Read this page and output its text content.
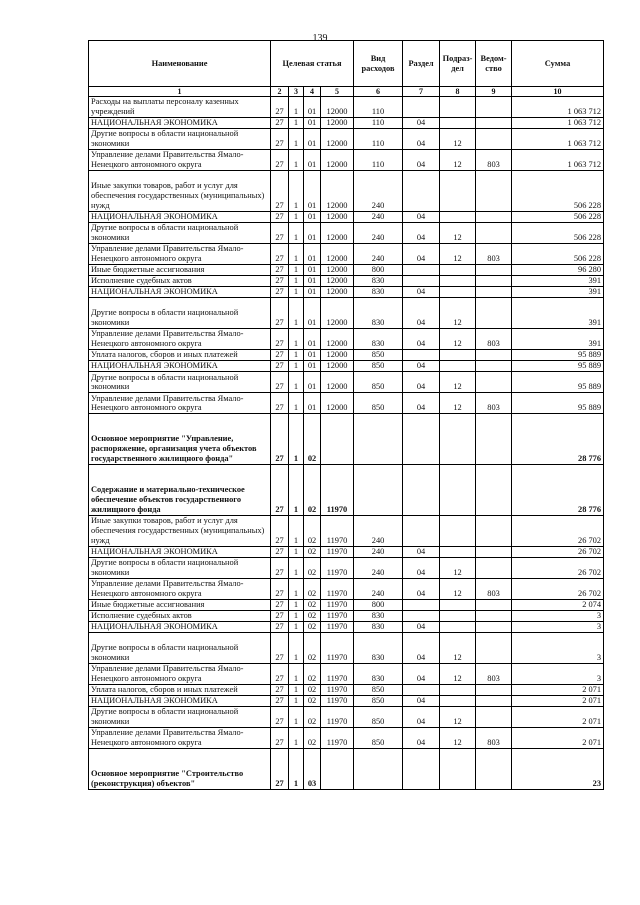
139
Наименование	Целевая статья				Вид расходов	Раздел	Подраз-дел	Ведом-ство	Сумма
1	2	3	4	5	6	7	8	9	10
Расходы на выплаты персоналу казенных учреждений	27	1	01	12000	110				1 063 712
НАЦИОНАЛЬНАЯ ЭКОНОМИКА	27	1	01	12000	110	04			1 063 712
Другие вопросы в области национальной экономики	27	1	01	12000	110	04	12		1 063 712
Управление делами Правительства Ямало-Ненецкого автономного округа	27	1	01	12000	110	04	12	803	1 063 712
Иные закупки товаров, работ и услуг для обеспечения государственных (муниципальных) нужд	27	1	01	12000	240				506 228
НАЦИОНАЛЬНАЯ ЭКОНОМИКА	27	1	01	12000	240	04			506 228
Другие вопросы в области национальной экономики	27	1	01	12000	240	04	12		506 228
Управление делами Правительства Ямало-Ненецкого автономного округа	27	1	01	12000	240	04	12	803	506 228
Иные бюджетные ассигнования	27	1	01	12000	800				96 280
Исполнение судебных актов	27	1	01	12000	830				391
НАЦИОНАЛЬНАЯ ЭКОНОМИКА	27	1	01	12000	830	04			391
Другие вопросы в области национальной экономики	27	1	01	12000	830	04	12		391
Управление делами Правительства Ямало-Ненецкого автономного округа	27	1	01	12000	830	04	12	803	391
Уплата налогов, сборов и иных платежей	27	1	01	12000	850				95 889
НАЦИОНАЛЬНАЯ ЭКОНОМИКА	27	1	01	12000	850	04			95 889
Другие вопросы в области национальной экономики	27	1	01	12000	850	04	12		95 889
Управление делами Правительства Ямало-Ненецкого автономного округа	27	1	01	12000	850	04	12	803	95 889
Основное мероприятие "Управление, распоряжение, организация учета объектов государственного жилищного фонда"	27	1	02						28 776
Содержание и материально-техническое обеспечение объектов государственного жилищного фонда	27	1	02	11970					28 776
Иные закупки товаров, работ и услуг для обеспечения государственных (муниципальных) нужд	27	1	02	11970	240				26 702
НАЦИОНАЛЬНАЯ ЭКОНОМИКА	27	1	02	11970	240	04			26 702
Другие вопросы в области национальной экономики	27	1	02	11970	240	04	12		26 702
Управление делами Правительства Ямало-Ненецкого автономного округа	27	1	02	11970	240	04	12	803	26 702
Иные бюджетные ассигнования	27	1	02	11970	800				2 074
Исполнение судебных актов	27	1	02	11970	830				3
НАЦИОНАЛЬНАЯ ЭКОНОМИКА	27	1	02	11970	830	04			3
Другие вопросы в области национальной экономики	27	1	02	11970	830	04	12		3
Управление делами Правительства Ямало-Ненецкого автономного округа	27	1	02	11970	830	04	12	803	3
Уплата налогов, сборов и иных платежей	27	1	02	11970	850				2 071
НАЦИОНАЛЬНАЯ ЭКОНОМИКА	27	1	02	11970	850	04			2 071
Другие вопросы в области национальной экономики	27	1	02	11970	850	04	12		2 071
Управление делами Правительства Ямало-Ненецкого автономного округа	27	1	02	11970	850	04	12	803	2 071
Основное мероприятие "Строительство (реконструкция) объектов"	27	1	03						23
